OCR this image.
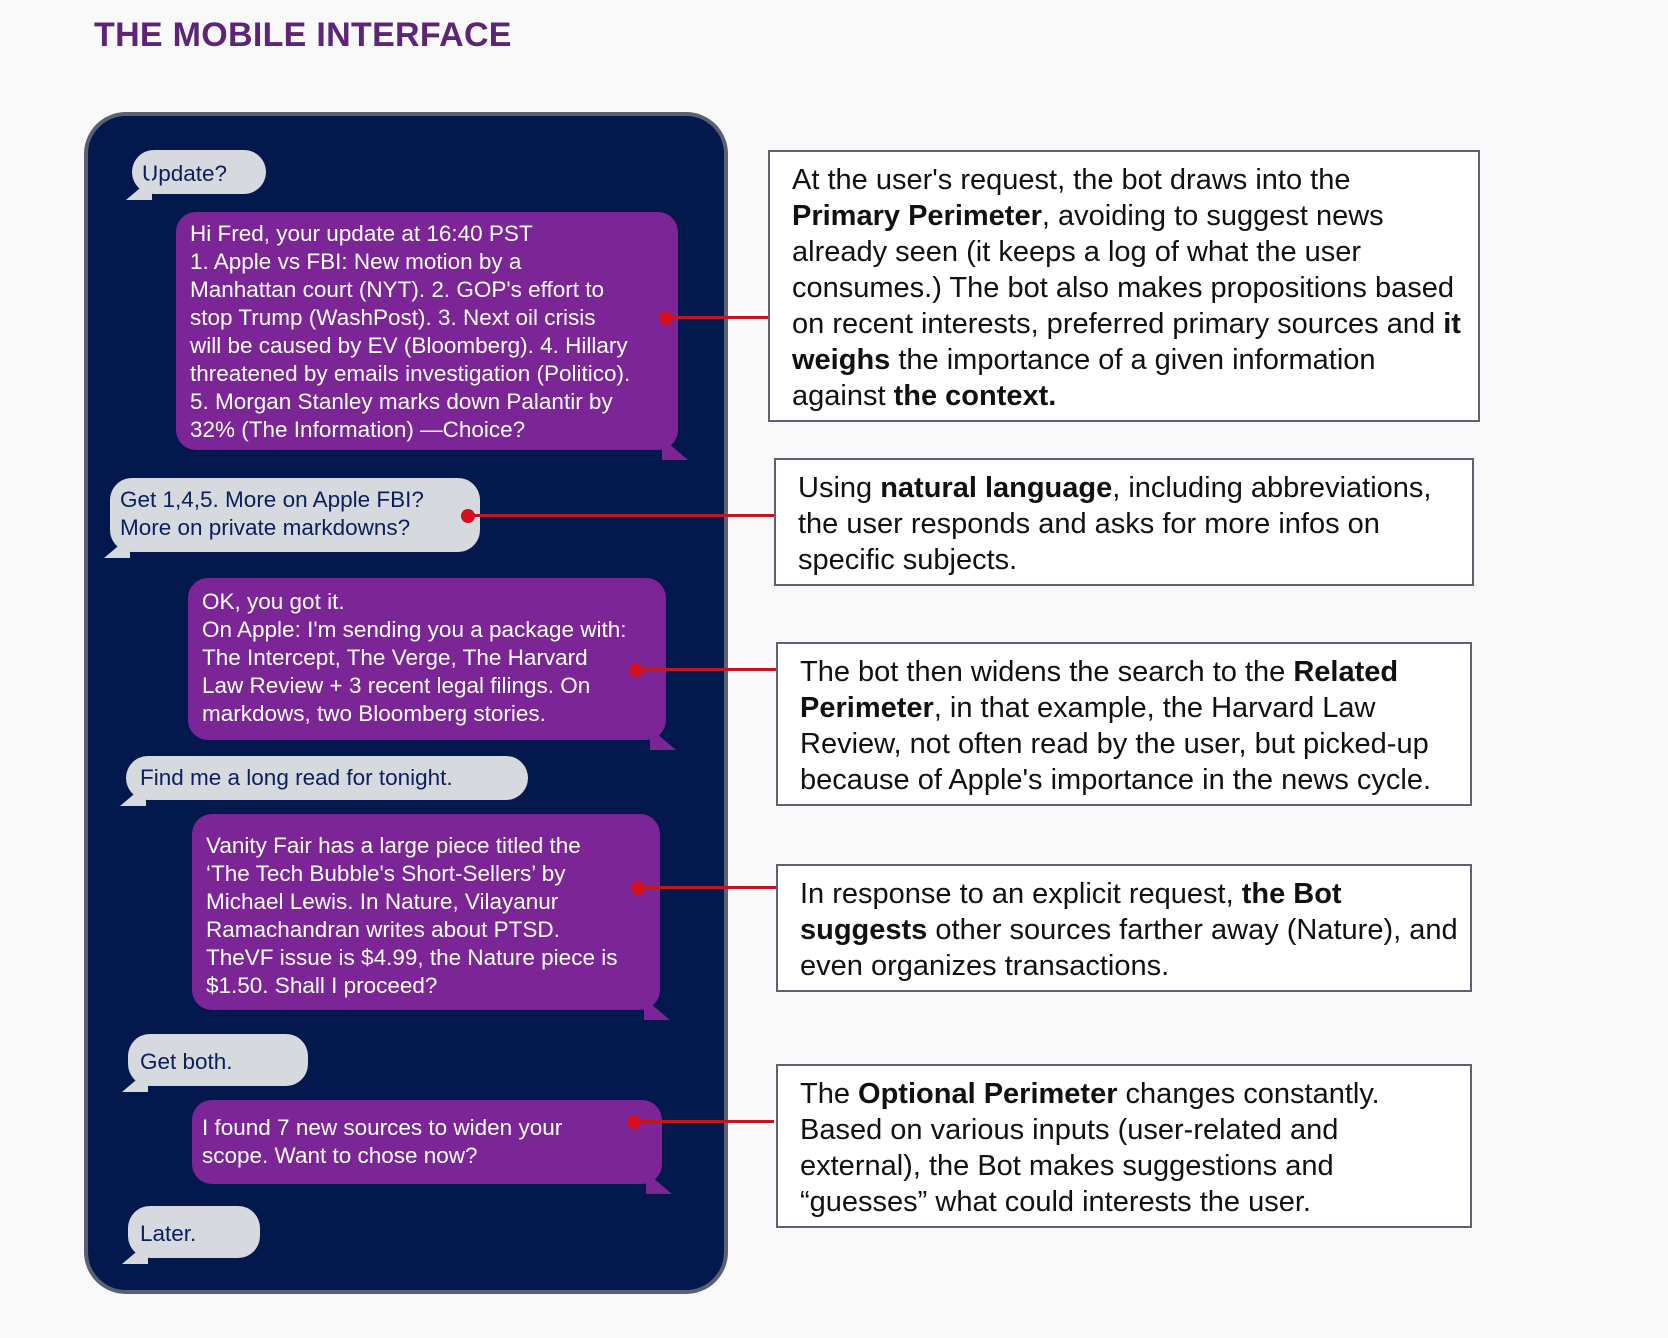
THE MOBILE INTERFACE
Update?
Hi Fred, your update at 16:40 PST
1. Apple vs FBI: New motion by a
Manhattan court (NYT). 2. GOP's effort to
stop Trump (WashPost). 3. Next oil crisis
will be caused by EV (Bloomberg). 4. Hillary
threatened by emails investigation (Politico).
5. Morgan Stanley marks down Palantir by
32% (The Information) —Choice?
Get 1,4,5. More on Apple FBI?
More on private markdowns?
OK, you got it.
On Apple: I'm sending you a package with:
The Intercept, The Verge, The Harvard
Law Review + 3 recent legal filings. On
markdows, two Bloomberg stories.
Find me a long read for tonight.
Vanity Fair has a large piece titled the
‘The Tech Bubble's Short-Sellers’ by
Michael Lewis. In Nature, Vilayanur
Ramachandran writes about PTSD.
TheVF issue is $4.99, the Nature piece is
$1.50. Shall I proceed?
Get both.
I found 7 new sources to widen your
scope. Want to chose now?
Later.
At the user's request, the bot draws into the Primary Perimeter, avoiding to suggest news already seen (it keeps a log of what the user consumes.) The bot also makes propositions based on recent interests, preferred primary sources and it weighs the importance of a given information against the context.
Using natural language, including abbreviations, the user responds and asks for more infos on specific subjects.
The bot then widens the search to the Related Perimeter, in that example, the Harvard Law Review, not often read by the user, but picked-up because of Apple's importance in the news cycle.
In response to an explicit request, the Bot suggests other sources farther away (Nature), and even organizes transactions.
The Optional Perimeter changes constantly. Based on various inputs (user-related and external), the Bot makes suggestions and “guesses” what could interests the user.
